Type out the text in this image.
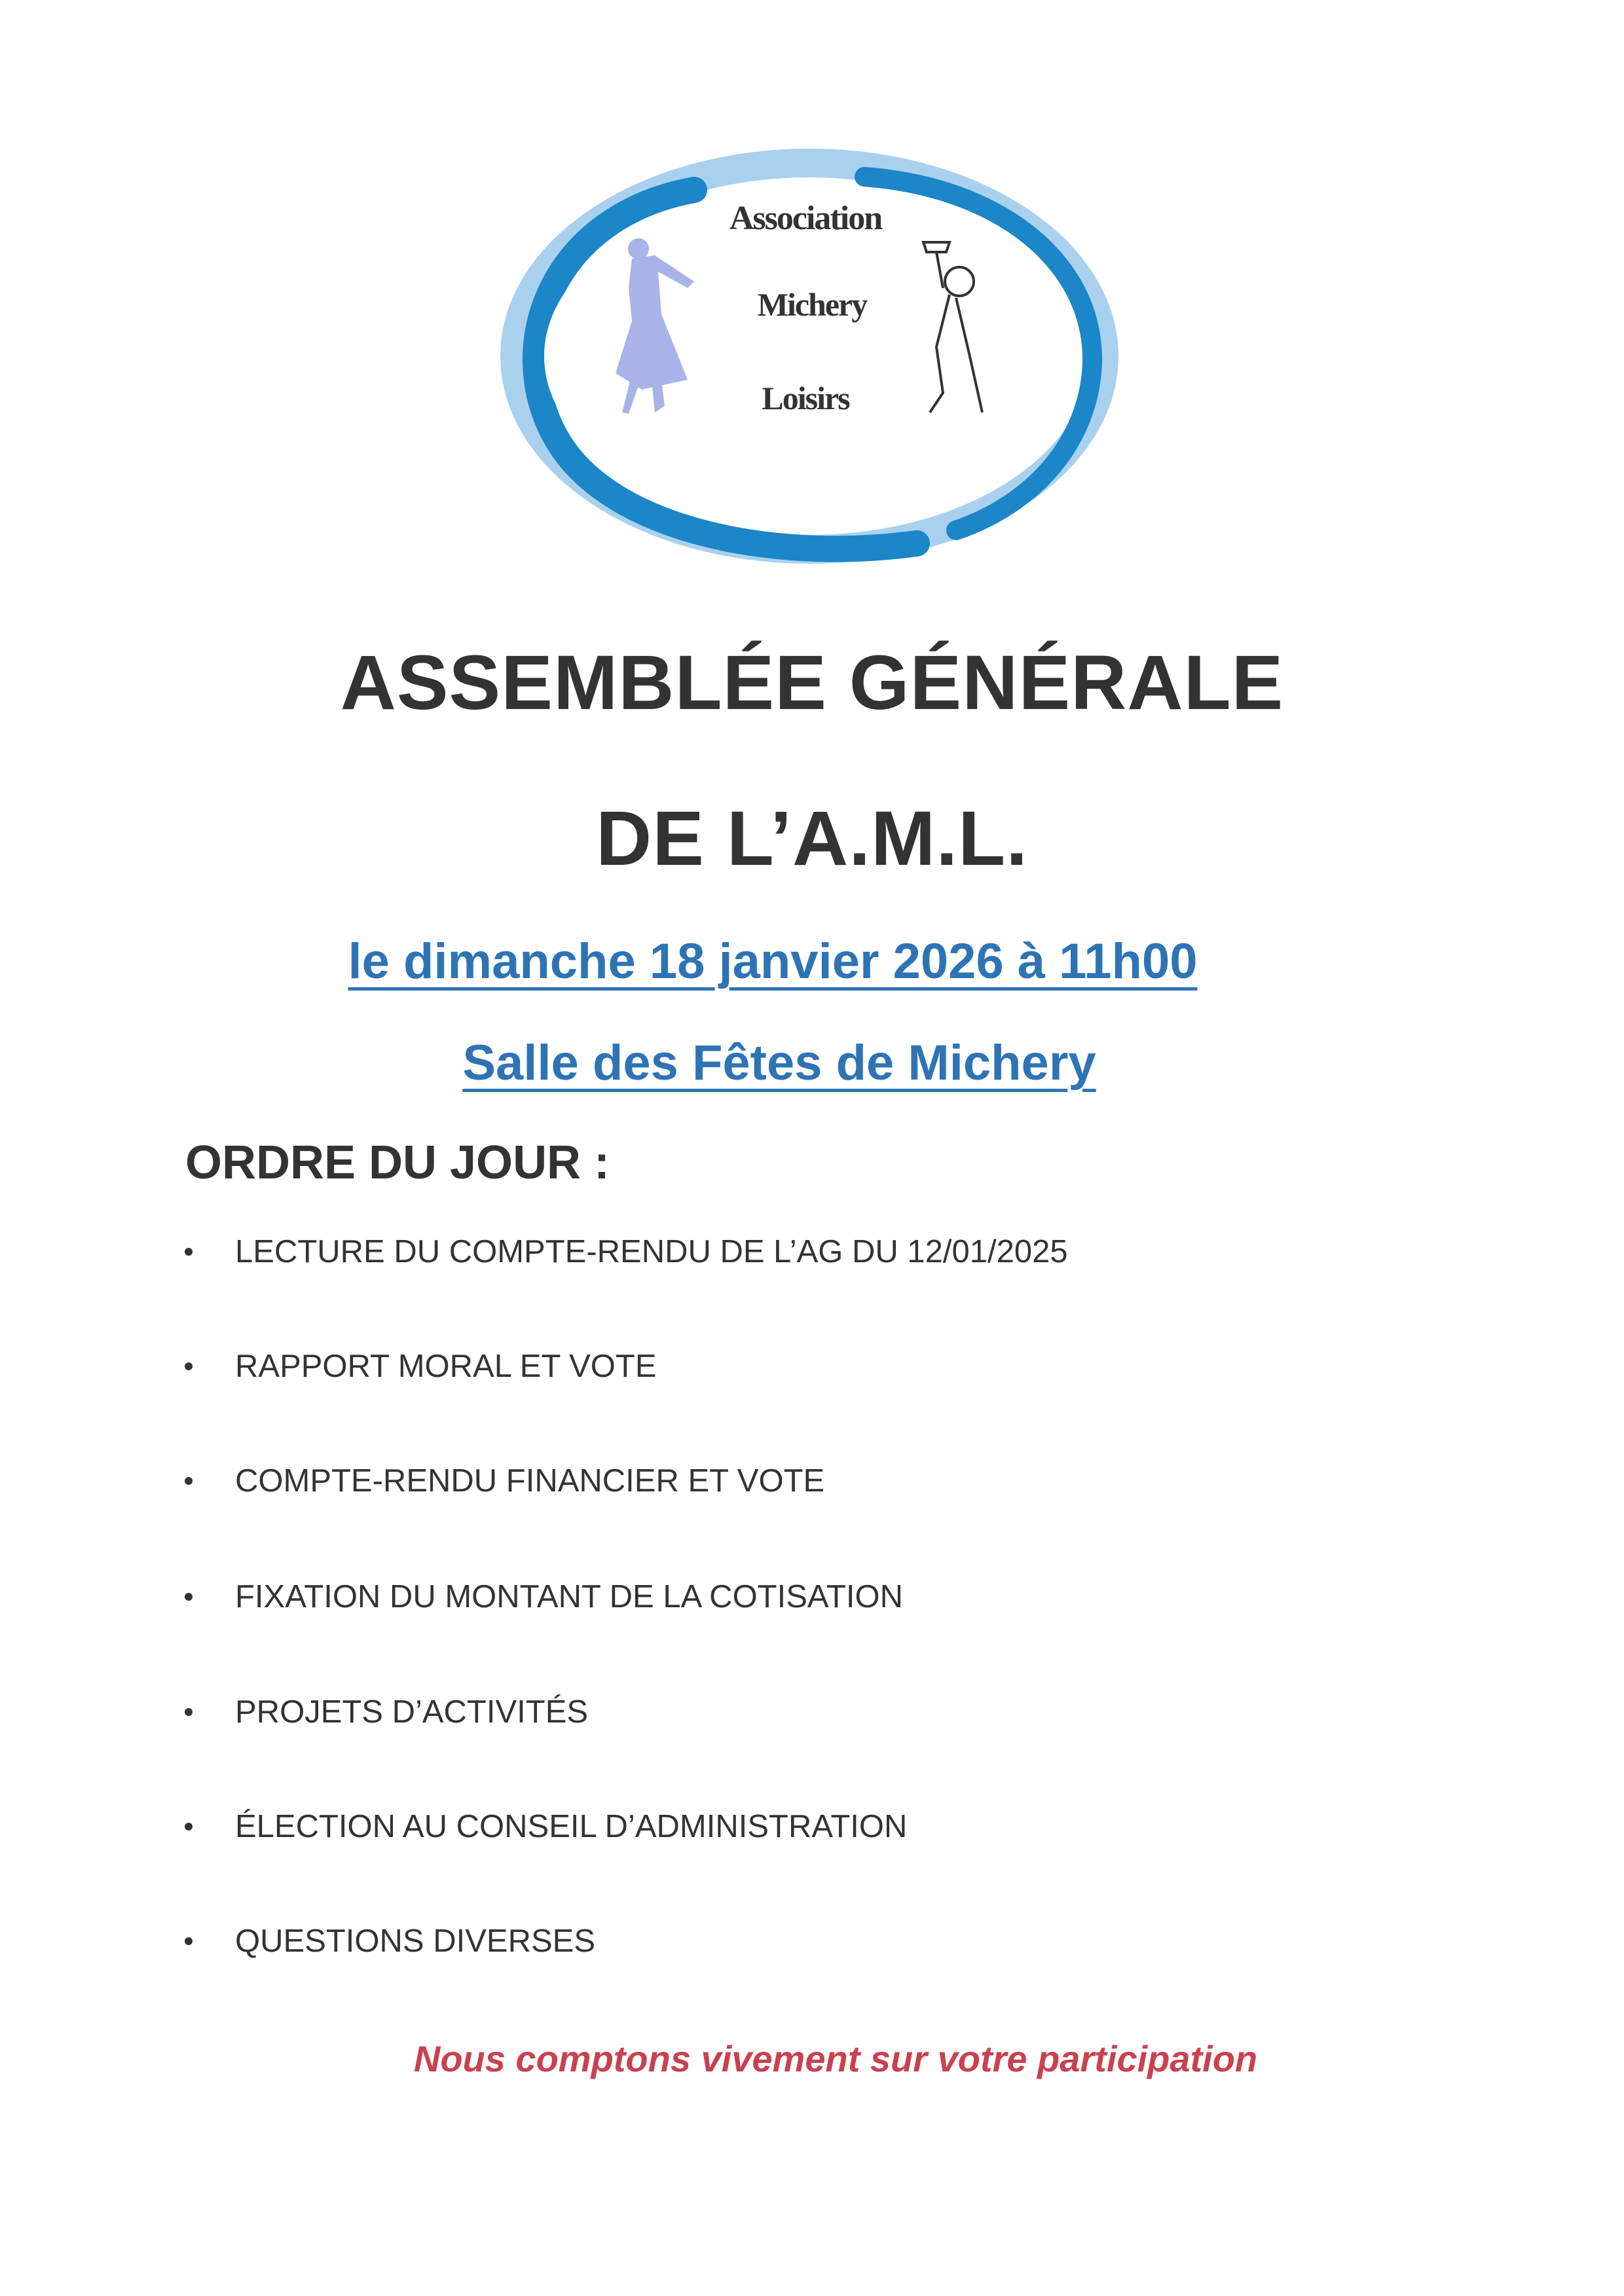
Association
Michery
Loisirs
ASSEMBLÉE GÉNÉRALE
DE L’A.M.L.
le dimanche 18 janvier 2026 à 11h00
Salle des Fêtes de Michery
ORDRE DU JOUR :
LECTURE DU COMPTE-RENDU DE L’AG DU 12/01/2025
RAPPORT MORAL ET VOTE
COMPTE-RENDU FINANCIER ET VOTE
FIXATION DU MONTANT DE LA COTISATION
PROJETS D’ACTIVITÉS
ÉLECTION AU CONSEIL D’ADMINISTRATION
QUESTIONS DIVERSES
Nous comptons vivement sur votre participation
